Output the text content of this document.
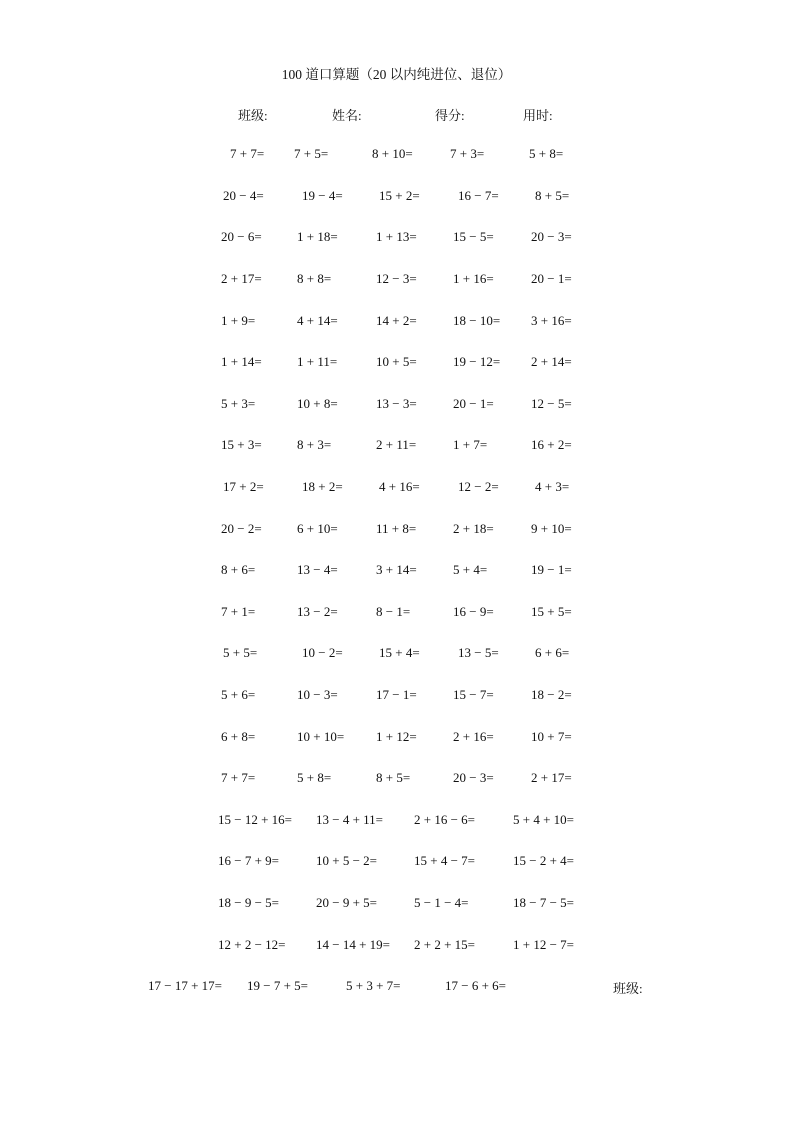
100 道口算题（20 以内纯进位、退位）
班级:	姓名:	得分:	用时:
7 + 7= 7 + 5=	8 + 10=	7 + 3=	5 + 8=
20 − 4=	19 − 4=	15 + 2=	16 − 7=	8 + 5=
20 − 6=	1 + 18=	1 + 13=	15 − 5=	20 − 3=
2 + 17=	8 + 8=	12 − 3=	1 + 16=	20 − 1=
1 + 9=	4 + 14=	14 + 2=	18 − 10= 3 + 16=
1 + 14=	1 + 11=	10 + 5=	19 − 12= 2 + 14=
5 + 3=	10 + 8=	13 − 3=	20 − 1=	12 − 5=
15 + 3=	8 + 3=	2 + 11=	1 + 7=	16 + 2=
17 + 2=	18 + 2=	4 + 16=	12 − 2=	4 + 3=
20 − 2=	6 + 10=	11 + 8=	2 + 18=	9 + 10=
8 + 6=	13 − 4=	3 + 14=	5 + 4=	19 − 1=
7 + 1=	13 − 2=	8 − 1=	16 − 9=	15 + 5=
5 + 5=	10 − 2=	15 + 4=	13 − 5=	6 + 6=
5 + 6=	10 − 3=	17 − 1=	15 − 7=	18 − 2=
6 + 8=	10 + 10= 1 + 12=	2 + 16=	10 + 7=
7 + 7=	5 + 8=	8 + 5=	20 − 3=	2 + 17=
15 − 12 + 16= 13 − 4 + 11= 2 + 16 − 6=	5 + 4 + 10=
16 − 7 + 9=	10 + 5 − 2=	15 + 4 − 7=	15 − 2 + 4=
18 − 9 − 5=	20 − 9 + 5=	5 − 1 − 4=	18 − 7 − 5=
12 + 2 − 12= 14 − 14 + 19= 2 + 2 + 15=	1 + 12 − 7=
17 − 17 + 17= 19 − 7 + 5=	5 + 3 + 7=	17 − 6 + 6=	班级:
